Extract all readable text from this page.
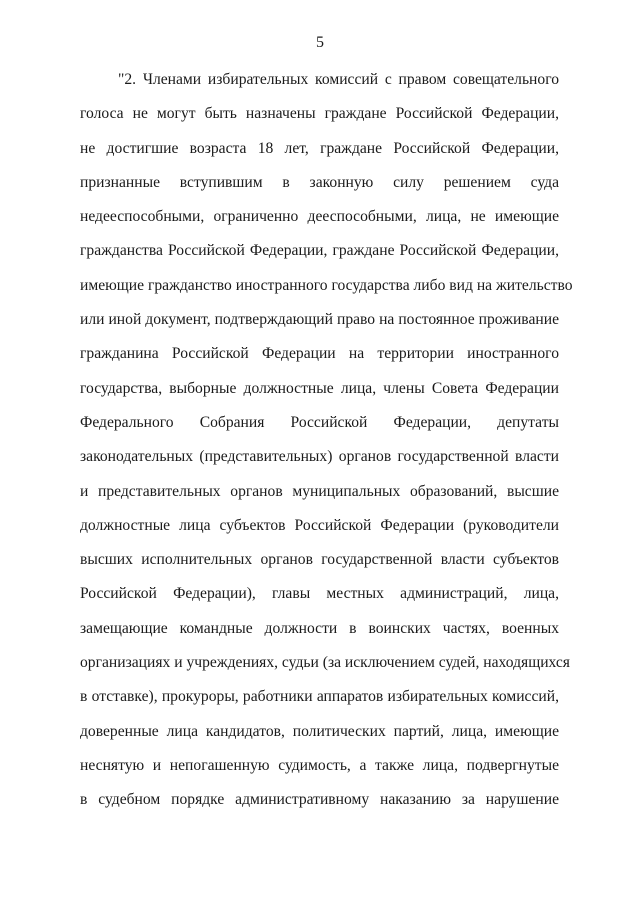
5
"2. Членами избирательных комиссий с правом совещательного
голоса не могут быть назначены граждане Российской Федерации,
не достигшие возраста 18 лет, граждане Российской Федерации,
признанные вступившим в законную силу решением суда
недееспособными, ограниченно дееспособными, лица, не имеющие
гражданства Российской Федерации, граждане Российской Федерации,
имеющие гражданство иностранного государства либо вид на жительство
или иной документ, подтверждающий право на постоянное проживание
гражданина Российской Федерации на территории иностранного
государства, выборные должностные лица, члены Совета Федерации
Федерального Собрания Российской Федерации, депутаты
законодательных (представительных) органов государственной власти
и представительных органов муниципальных образований, высшие
должностные лица субъектов Российской Федерации (руководители
высших исполнительных органов государственной власти субъектов
Российской Федерации), главы местных администраций, лица,
замещающие командные должности в воинских частях, военных
организациях и учреждениях, судьи (за исключением судей, находящихся
в отставке), прокуроры, работники аппаратов избирательных комиссий,
доверенные лица кандидатов, политических партий, лица, имеющие
неснятую и непогашенную судимость, а также лица, подвергнутые
в судебном порядке административному наказанию за нарушение
